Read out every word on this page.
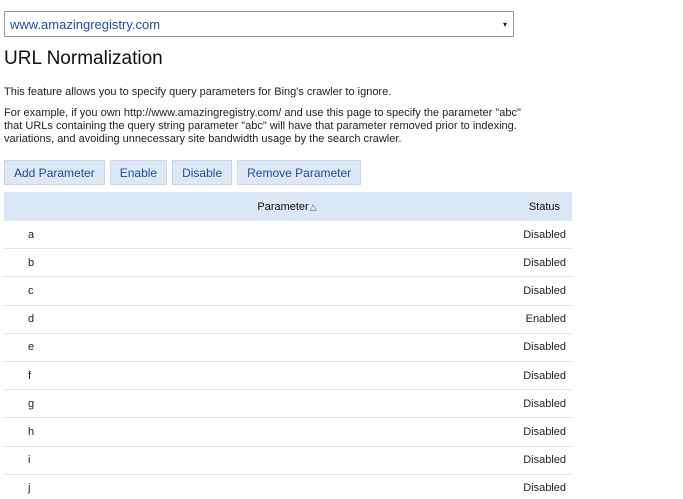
www.amazingregistry.com	▾
URL Normalization

This feature allows you to specify query parameters for Bing's crawler to ignore.

For example, if you own http://www.amazingregistry.com/ and use this page to specify the parameter "abc"
that URLs containing the query string parameter "abc" will have that parameter removed prior to indexing.
variations, and avoiding unnecessary site bandwidth usage by the search crawler.

Add Parameter	Enable	Disable	Remove Parameter
Parameter△	Status
a	Disabled
b	Disabled
c	Disabled
d	Enabled
e	Disabled
f	Disabled
g	Disabled
h	Disabled
i	Disabled
j	Disabled
